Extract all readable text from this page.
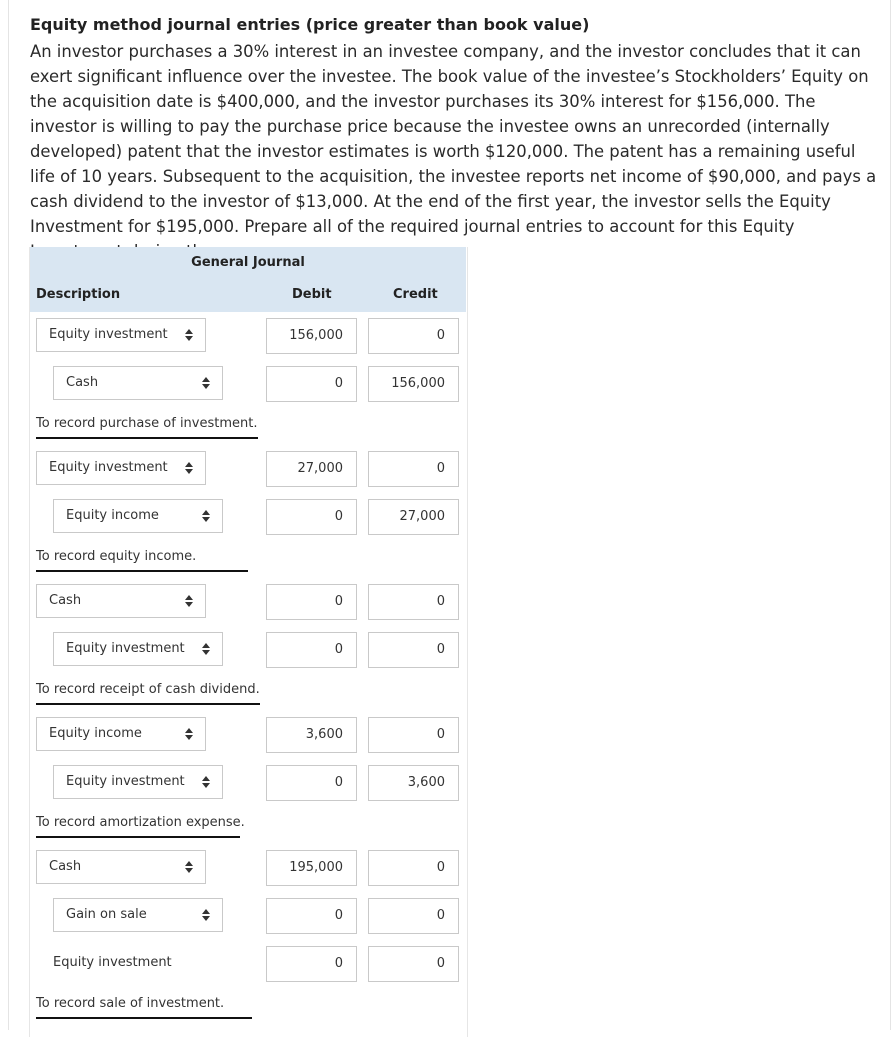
Equity method journal entries (price greater than book value)
An investor purchases a 30% interest in an investee company, and the investor concludes that it can exert significant influence over the investee. The book value of the investee’s Stockholders’ Equity on the acquisition date is $400,000, and the investor purchases its 30% interest for $156,000. The investor is willing to pay the purchase price because the investee owns an unrecorded (internally developed) patent that the investor estimates is worth $120,000. The patent has a remaining useful life of 10 years. Subsequent to the acquisition, the investee reports net income of $90,000, and pays a cash dividend to the investor of $13,000. At the end of the first year, the investor sells the Equity Investment for $195,000. Prepare all of the required journal entries to account for this Equity
General Journal
Description	Debit	Credit
Equity investment	156,000	0
Cash	0	156,000
To record purchase of investment.
Equity investment	27,000	0
Equity income	0	27,000
To record equity income.
Cash	0	0
Equity investment	0	0
To record receipt of cash dividend.
Equity income	3,600	0
Equity investment	0	3,600
To record amortization expense.
Cash	195,000	0
Gain on sale	0	0
Equity investment	0	0
To record sale of investment.
